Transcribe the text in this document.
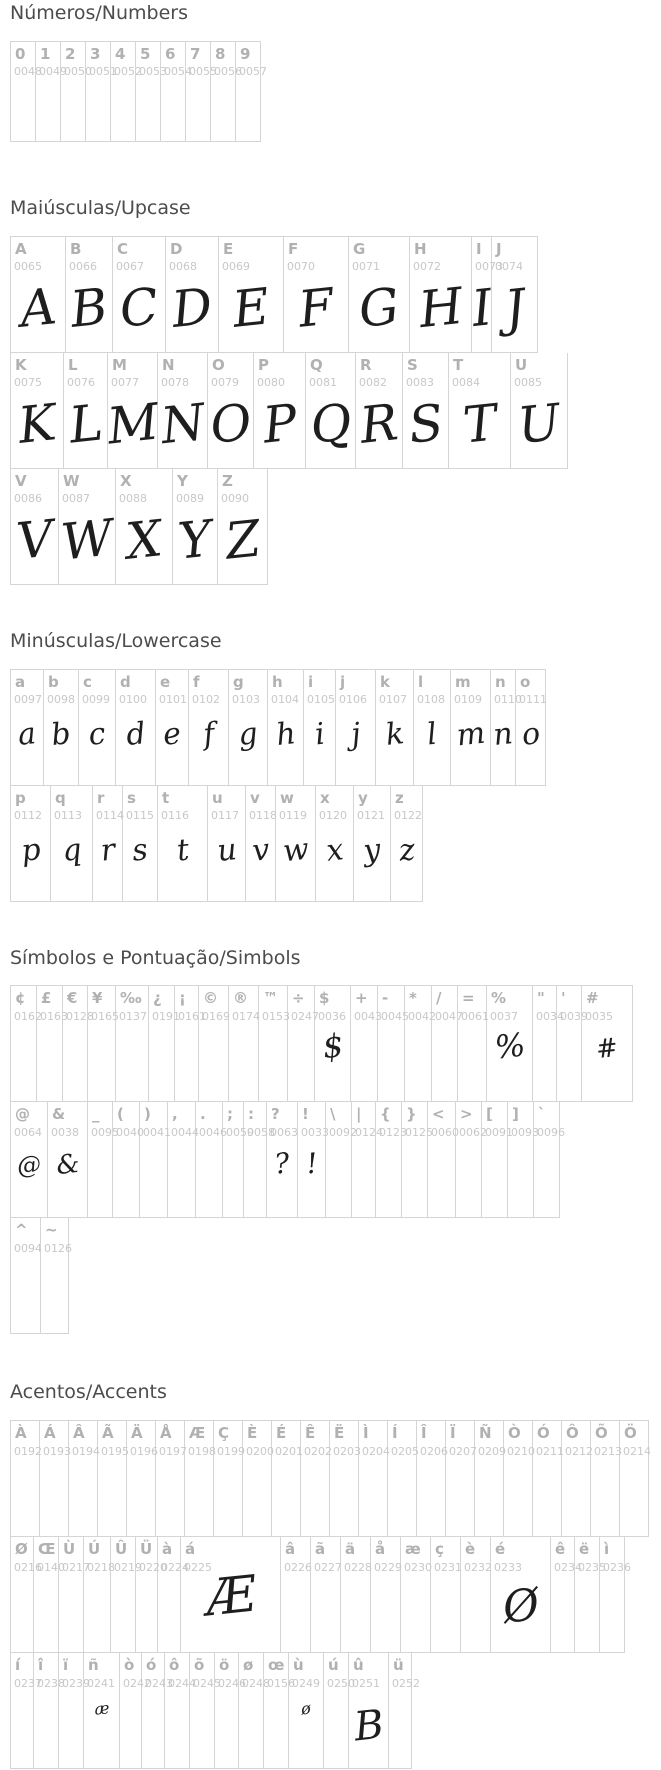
Números/Numbers
0
0048
1
0049
2
0050
3
0051
4
0052
5
0053
6
0054
7
0055
8
0056
9
0057
Maiúsculas/Upcase
A
0065
A
B
0066
B
C
0067
C
D
0068
D
E
0069
E
F
0070
F
G
0071
G
H
0072
H
I
0073
I
J
0074
J
K
0075
K
L
0076
L
M
0077
M
N
0078
N
O
0079
O
P
0080
P
Q
0081
Q
R
0082
R
S
0083
S
T
0084
T
U
0085
U
V
0086
V
W
0087
W
X
0088
X
Y
0089
Y
Z
0090
Z
Minúsculas/Lowercase
a
0097
a
b
0098
b
c
0099
c
d
0100
d
e
0101
e
f
0102
f
g
0103
g
h
0104
h
i
0105
i
j
0106
j
k
0107
k
l
0108
l
m
0109
m
n
0110
n
o
0111
o
p
0112
p
q
0113
q
r
0114
r
s
0115
s
t
0116
t
u
0117
u
v
0118
v
w
0119
w
x
0120
x
y
0121
y
z
0122
z
Símbolos e Pontuação/Simbols
¢
0162
£
0163
€
0128
¥
0165
‰
0137
¿
0191
¡
0161
©
0169
®
0174
™
0153
÷
0247
$
0036
$
+
0043
-
0045
*
0042
/
0047
=
0061
%
0037
%
"
0034
'
0039
#
0035
#
@
0064
@
&
0038
&
_
0095
(
0040
)
0041
,
0044
.
0046
;
0059
:
0058
?
0063
?
!
0033
!
\
0092
|
0124
{
0123
}
0125
<
0060
>
0062
[
0091
]
0093
`
0096
^
0094
~
0126
Acentos/Accents
À
0192
Á
0193
Â
0194
Ã
0195
Ä
0196
Å
0197
Æ
0198
Ç
0199
È
0200
É
0201
Ê
0202
Ë
0203
Ì
0204
Í
0205
Î
0206
Ï
0207
Ñ
0209
Ò
0210
Ó
0211
Ô
0212
Õ
0213
Ö
0214
Ø
0216
Œ
0140
Ù
0217
Ú
0218
Û
0219
Ü
0220
à
0224
á
0225
Æ
â
0226
ã
0227
ä
0228
å
0229
æ
0230
ç
0231
è
0232
é
0233
Ø
ê
0234
ë
0235
ì
0236
í
0237
î
0238
ï
0239
ñ
0241
æ
ò
0242
ó
0243
ô
0244
õ
0245
ö
0246
ø
0248
œ
0156
ù
0249
ø
ú
0250
û
0251
B
ü
0252
